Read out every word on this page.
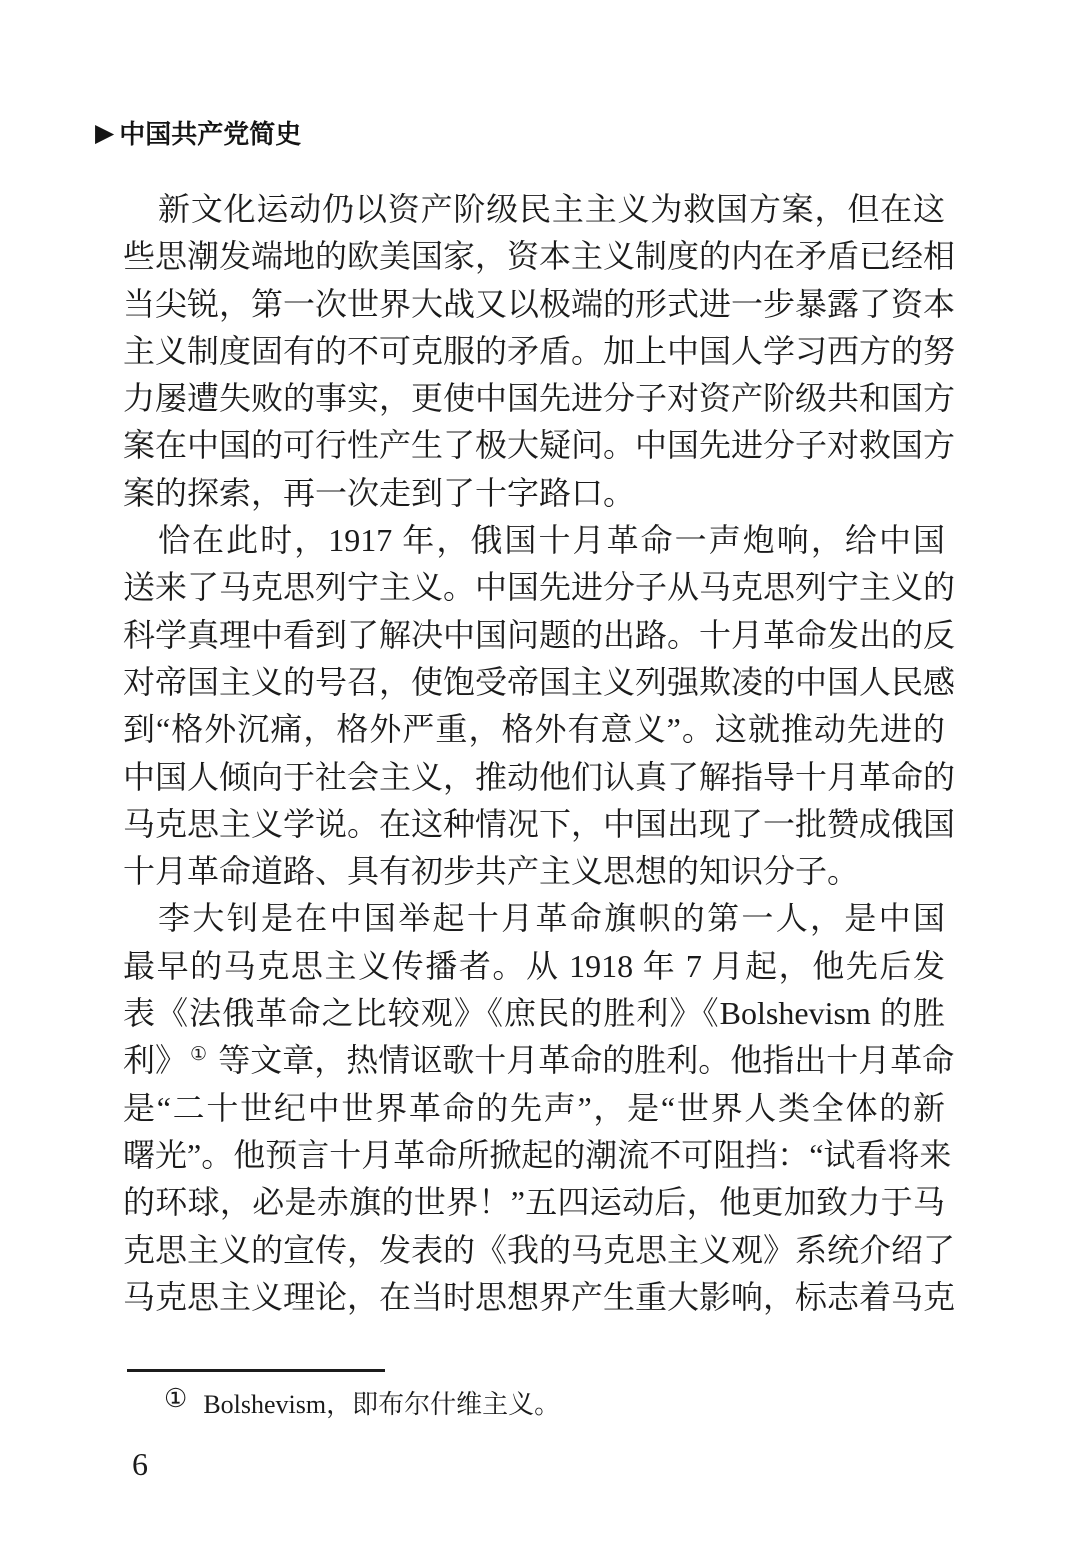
▶ 中国共产党简史
新文化运动仍以资产阶级民主主义为救国方案，但在这
些思潮发端地的欧美国家，资本主义制度的内在矛盾已经相
当尖锐，第一次世界大战又以极端的形式进一步暴露了资本
主义制度固有的不可克服的矛盾。加上中国人学习西方的努
力屡遭失败的事实，更使中国先进分子对资产阶级共和国方
案在中国的可行性产生了极大疑问。中国先进分子对救国方
案的探索，再一次走到了十字路口。
恰在此时，1917 年，俄国十月革命一声炮响，给中国
送来了马克思列宁主义。中国先进分子从马克思列宁主义的
科学真理中看到了解决中国问题的出路。十月革命发出的反
对帝国主义的号召，使饱受帝国主义列强欺凌的中国人民感
到“格外沉痛，格外严重，格外有意义”。这就推动先进的
中国人倾向于社会主义，推动他们认真了解指导十月革命的
马克思主义学说。在这种情况下，中国出现了一批赞成俄国
十月革命道路、具有初步共产主义思想的知识分子。
李大钊是在中国举起十月革命旗帜的第一人，是中国
最早的马克思主义传播者。从 1918 年 7 月起，他先后发
表《法俄革命之比较观》《庶民的胜利》《Bolshevism 的胜
利》 ① 等文章，热情讴歌十月革命的胜利。他指出十月革命
是“二十世纪中世界革命的先声”，是“世界人类全体的新
曙光”。他预言十月革命所掀起的潮流不可阻挡：“试看将来
的环球，必是赤旗的世界！”五四运动后，他更加致力于马
克思主义的宣传，发表的《我的马克思主义观》系统介绍了
马克思主义理论，在当时思想界产生重大影响，标志着马克
① Bolshevism，即布尔什维主义。
6
